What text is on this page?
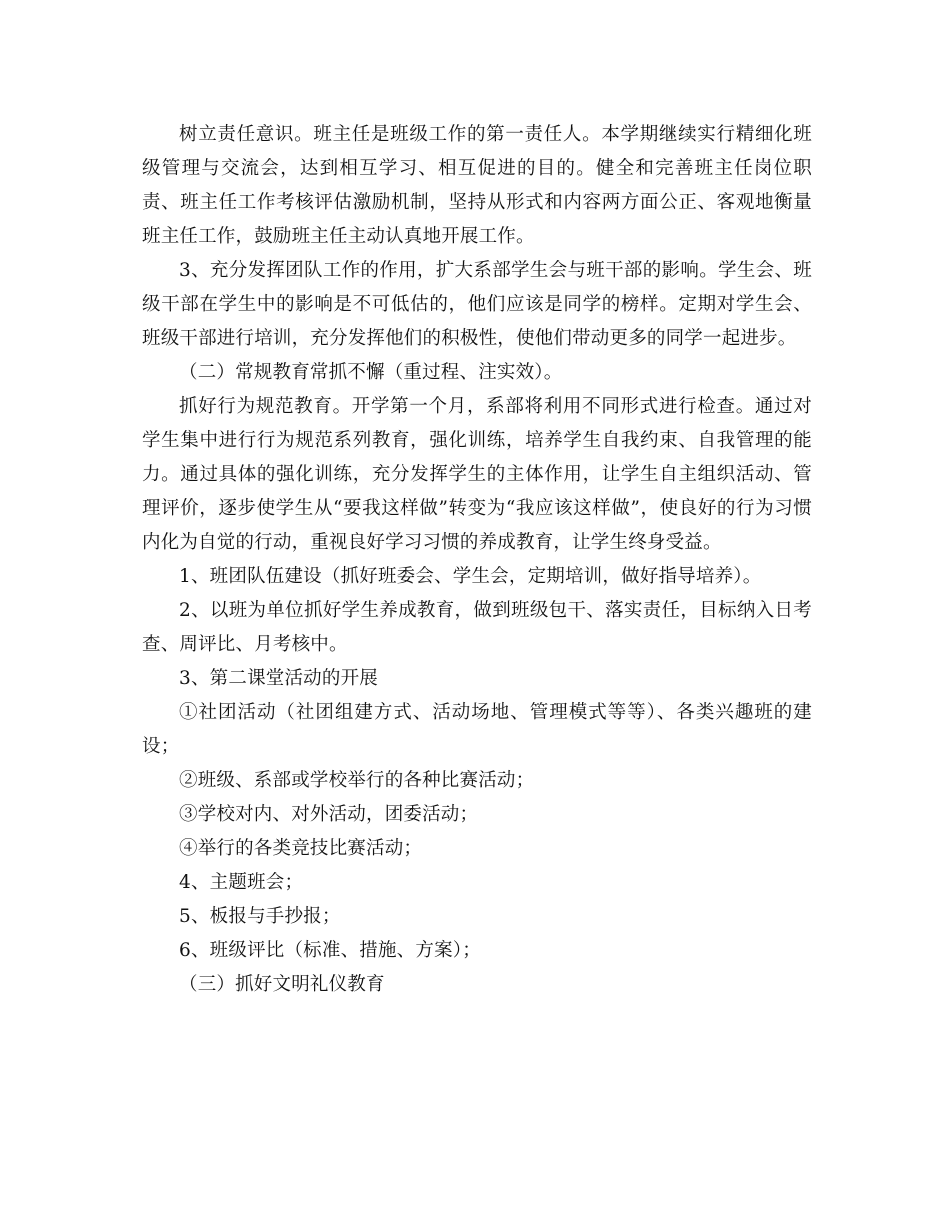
树立责任意识。班主任是班级工作的第一责任人。本学期继续实行精细化班级管理与交流会，达到相互学习、相互促进的目的。健全和完善班主任岗位职责、班主任工作考核评估激励机制，坚持从形式和内容两方面公正、客观地衡量班主任工作，鼓励班主任主动认真地开展工作。

3、充分发挥团队工作的作用，扩大系部学生会与班干部的影响。学生会、班级干部在学生中的影响是不可低估的，他们应该是同学的榜样。定期对学生会、班级干部进行培训，充分发挥他们的积极性，使他们带动更多的同学一起进步。

（二）常规教育常抓不懈（重过程、注实效）。

抓好行为规范教育。开学第一个月，系部将利用不同形式进行检查。通过对学生集中进行行为规范系列教育，强化训练，培养学生自我约束、自我管理的能力。通过具体的强化训练，充分发挥学生的主体作用，让学生自主组织活动、管理评价，逐步使学生从“要我这样做”转变为“我应该这样做”，使良好的行为习惯内化为自觉的行动，重视良好学习习惯的养成教育，让学生终身受益。

1、班团队伍建设（抓好班委会、学生会，定期培训，做好指导培养）。

2、以班为单位抓好学生养成教育，做到班级包干、落实责任，目标纳入日考查、周评比、月考核中。

3、第二课堂活动的开展

①社团活动（社团组建方式、活动场地、管理模式等等）、各类兴趣班的建设；

②班级、系部或学校举行的各种比赛活动；

③学校对内、对外活动，团委活动；

④举行的各类竞技比赛活动；

4、主题班会；

5、板报与手抄报；

6、班级评比（标准、措施、方案）；

（三）抓好文明礼仪教育
